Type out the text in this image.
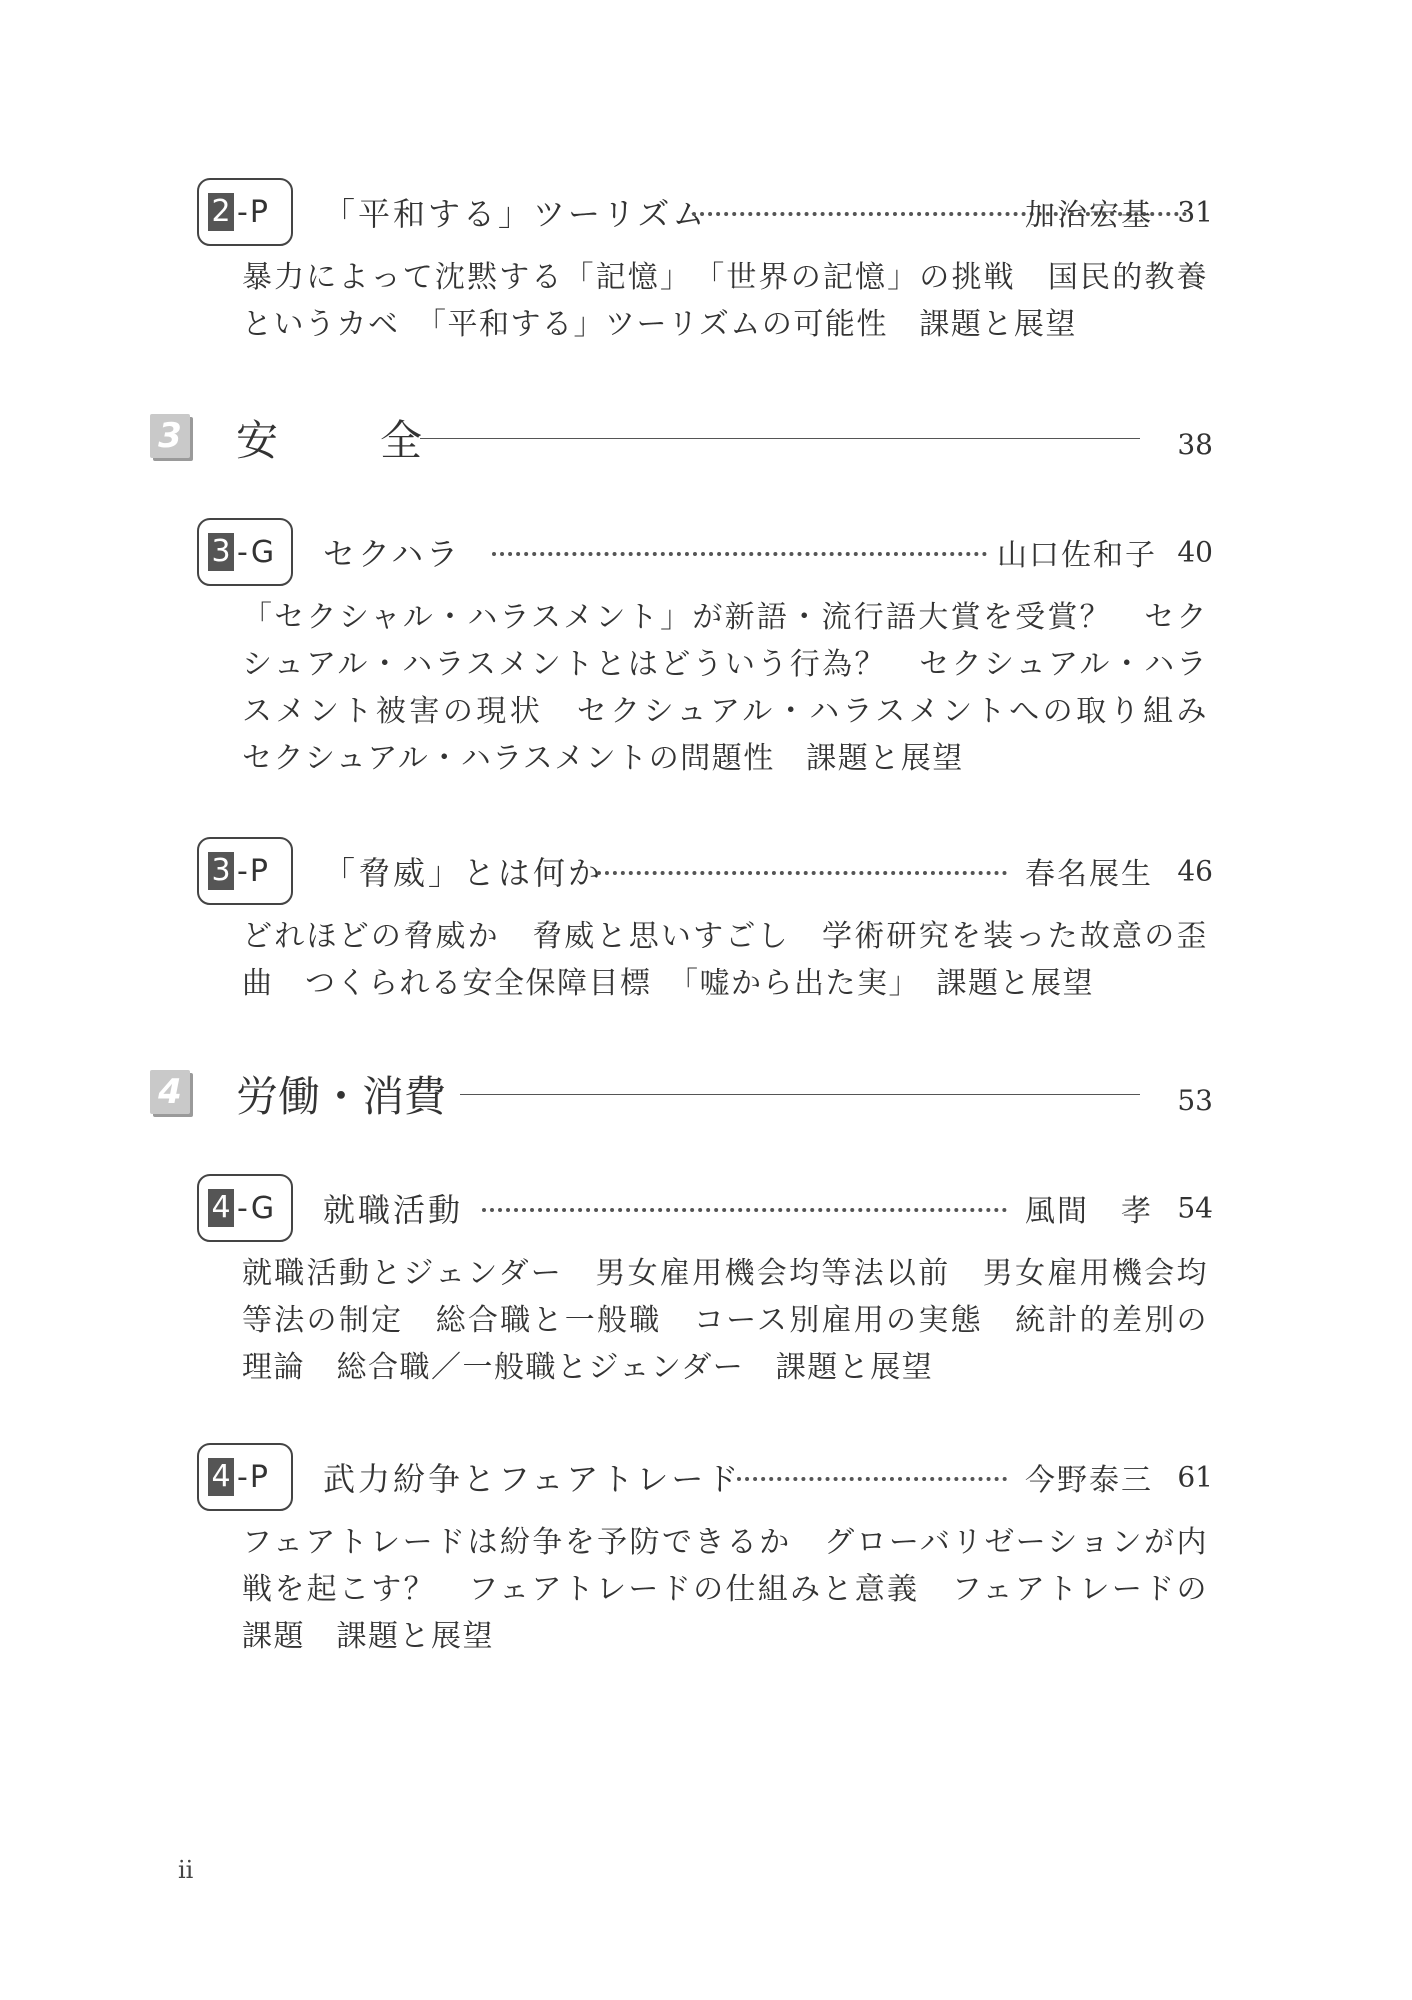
2 -P 「平和する」ツーリズム	加治宏基 31
暴力によって沈黙する「記憶」　「世界の記憶」の挑戦　国民的教養というカベ　「平和する」ツーリズムの可能性　課題と展望
3 安　　全	38
3 -G セクハラ	山口佐和子 40
「セクシャル・ハラスメント」が新語・流行語大賞を受賞？　セクシュアル・ハラスメントとはどういう行為？　セクシュアル・ハラスメント被害の現状　セクシュアル・ハラスメントへの取り組み　セクシュアル・ハラスメントの問題性　課題と展望
3 -P 「脅威」とは何か	春名展生 46
どれほどの脅威か　脅威と思いすごし　学術研究を装った故意の歪曲　つくられる安全保障目標　「嘘から出た実」　課題と展望
4 労働・消費	53
4 -G 就職活動	風間　孝 54
就職活動とジェンダー　男女雇用機会均等法以前　男女雇用機会均等法の制定　総合職と一般職　コース別雇用の実態　統計的差別の理論　総合職／一般職とジェンダー　課題と展望
4 -P 武力紛争とフェアトレード	今野泰三 61
フェアトレードは紛争を予防できるか　グローバリゼーションが内戦を起こす？　フェアトレードの仕組みと意義　フェアトレードの課題　課題と展望
ii
